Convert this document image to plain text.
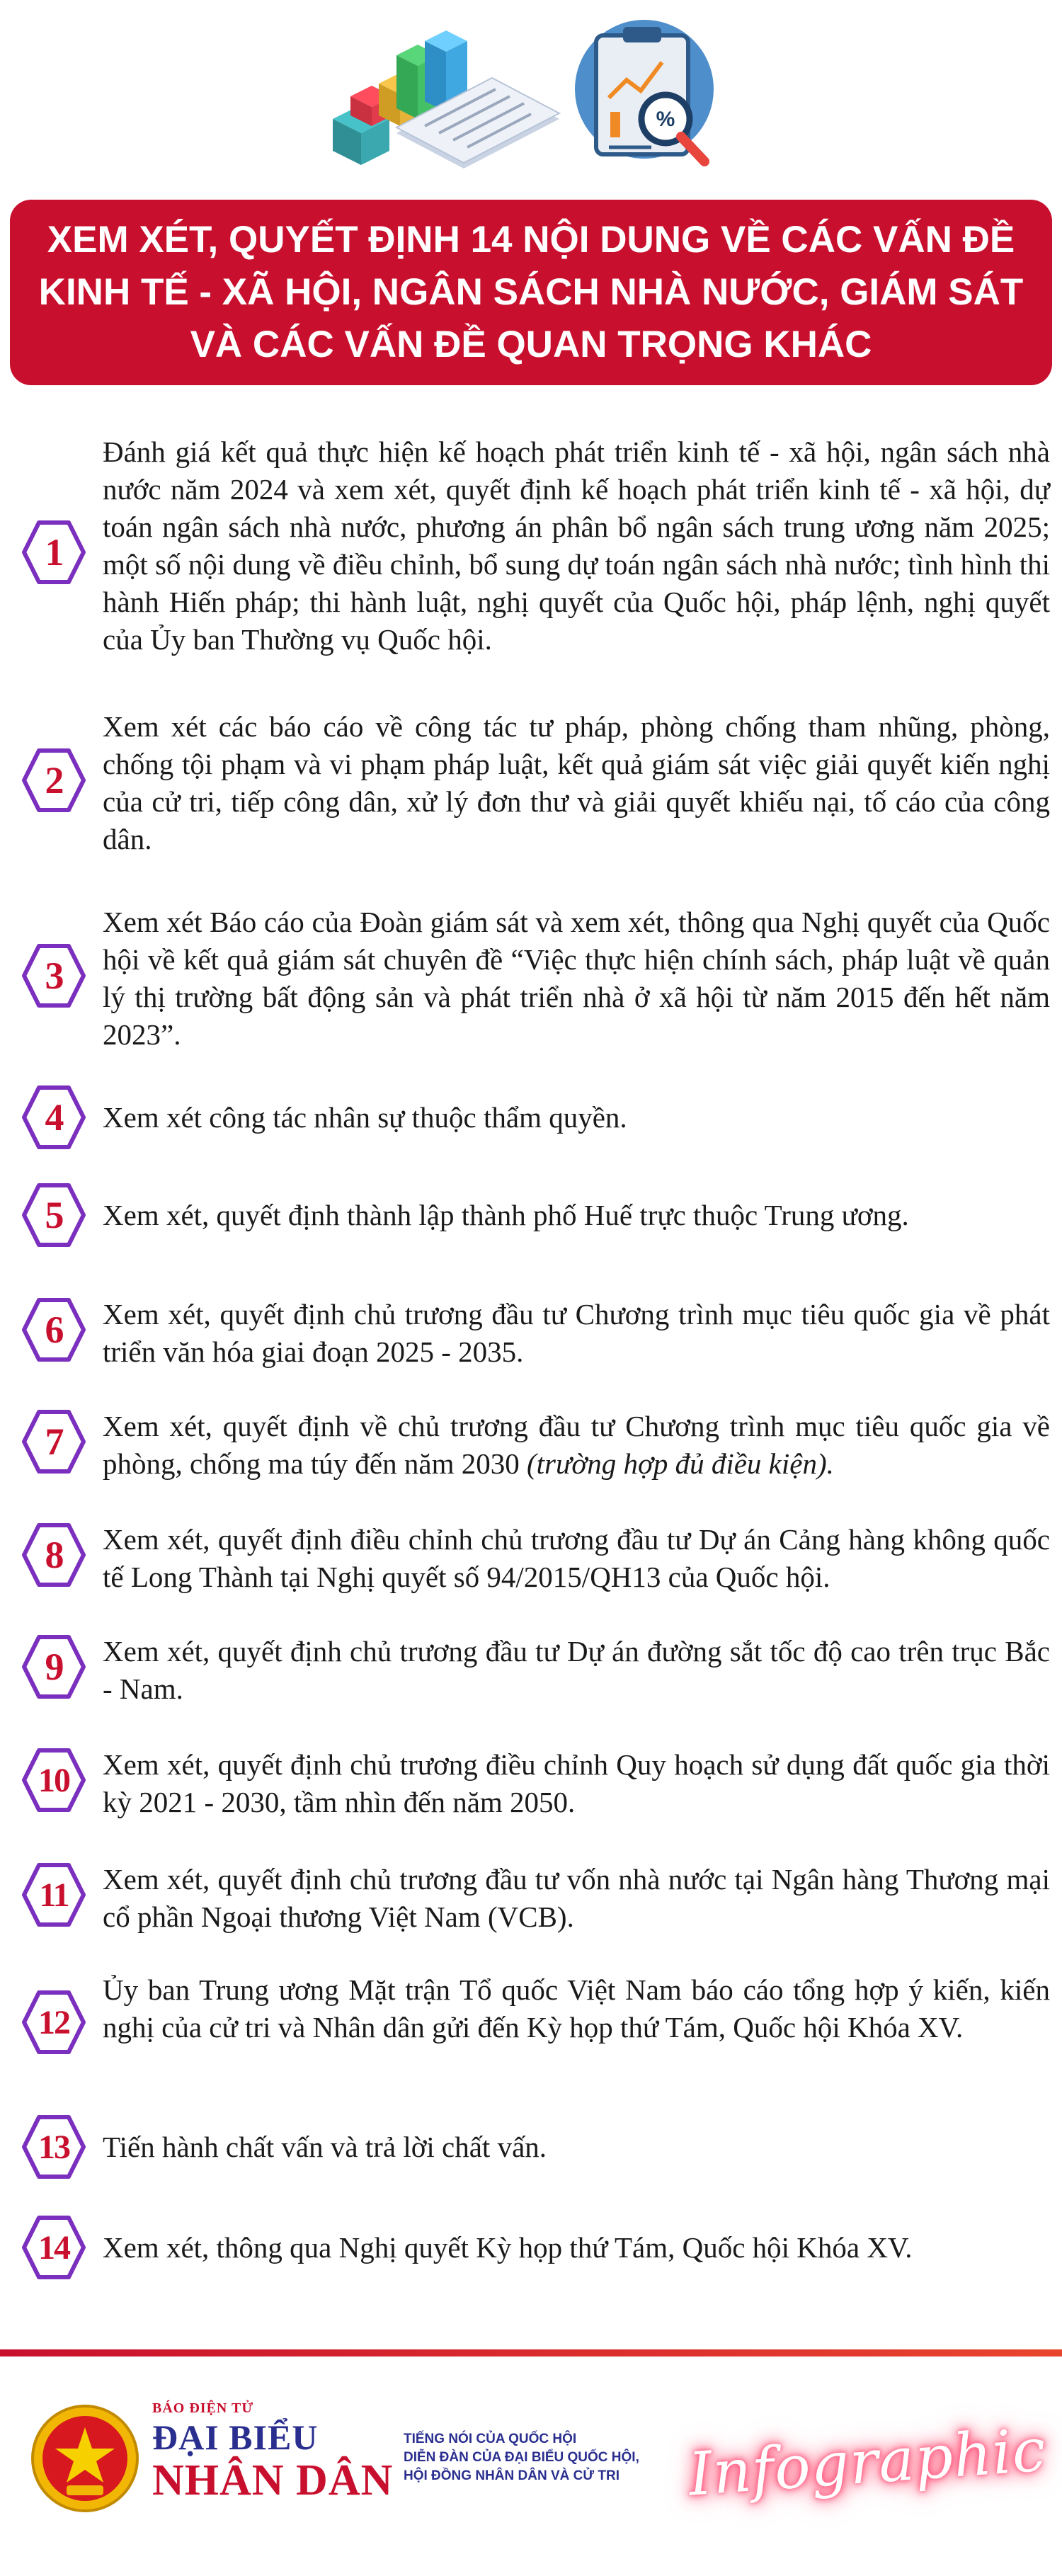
%
XEM XÉT, QUYẾT ĐỊNH 14 NỘI DUNG VỀ CÁC VẤN ĐỀ
KINH TẾ - XÃ HỘI, NGÂN SÁCH NHÀ NƯỚC, GIÁM SÁT
VÀ CÁC VẤN ĐỀ QUAN TRỌNG KHÁC
1
Đánh giá kết quả thực hiện kế hoạch phát triển kinh tế - xã hội, ngân sách nhà nước năm 2024 và xem xét, quyết định kế hoạch phát triển kinh tế - xã hội, dự toán ngân sách nhà nước, phương án phân bổ ngân sách trung ương năm 2025; một số nội dung về điều chỉnh, bổ sung dự toán ngân sách nhà nước; tình hình thi hành Hiến pháp; thi hành luật, nghị quyết của Quốc hội, pháp lệnh, nghị quyết của Ủy ban Thường vụ Quốc hội.
2
Xem xét các báo cáo về công tác tư pháp, phòng chống tham nhũng, phòng, chống tội phạm và vi phạm pháp luật, kết quả giám sát việc giải quyết kiến nghị của cử tri, tiếp công dân, xử lý đơn thư và giải quyết khiếu nại, tố cáo của công dân.
3
Xem xét Báo cáo của Đoàn giám sát và xem xét, thông qua Nghị quyết của Quốc hội về kết quả giám sát chuyên đề “Việc thực hiện chính sách, pháp luật về quản lý thị trường bất động sản và phát triển nhà ở xã hội từ năm 2015 đến hết năm 2023”.
4	Xem xét công tác nhân sự thuộc thẩm quyền.
5	Xem xét, quyết định thành lập thành phố Huế trực thuộc Trung ương.
6	Xem xét, quyết định chủ trương đầu tư Chương trình mục tiêu quốc gia về phát triển văn hóa giai đoạn 2025 - 2035.
7	Xem xét, quyết định về chủ trương đầu tư Chương trình mục tiêu quốc gia về phòng, chống ma túy đến năm 2030 (trường hợp đủ điều kiện).
8	Xem xét, quyết định điều chỉnh chủ trương đầu tư Dự án Cảng hàng không quốc tế Long Thành tại Nghị quyết số 94/2015/QH13 của Quốc hội.
9	Xem xét, quyết định chủ trương đầu tư Dự án đường sắt tốc độ cao trên trục Bắc - Nam.
10	Xem xét, quyết định chủ trương điều chỉnh Quy hoạch sử dụng đất quốc gia thời kỳ 2021 - 2030, tầm nhìn đến năm 2050.
11	Xem xét, quyết định chủ trương đầu tư vốn nhà nước tại Ngân hàng Thương mại cổ phần Ngoại thương Việt Nam (VCB).
12
Ủy ban Trung ương Mặt trận Tổ quốc Việt Nam báo cáo tổng hợp ý kiến, kiến nghị của cử tri và Nhân dân gửi đến Kỳ họp thứ Tám, Quốc hội Khóa XV.
13	Tiến hành chất vấn và trả lời chất vấn.
14	Xem xét, thông qua Nghị quyết Kỳ họp thứ Tám, Quốc hội Khóa XV.
BÁO ĐIỆN TỬ
ĐẠI BIỂU
NHÂN DÂN
TIẾNG NÓI CỦA QUỐC HỘI
DIỄN ĐÀN CỦA ĐẠI BIỂU QUỐC HỘI,
HỘI ĐỒNG NHÂN DÂN VÀ CỬ TRI	Infographic
